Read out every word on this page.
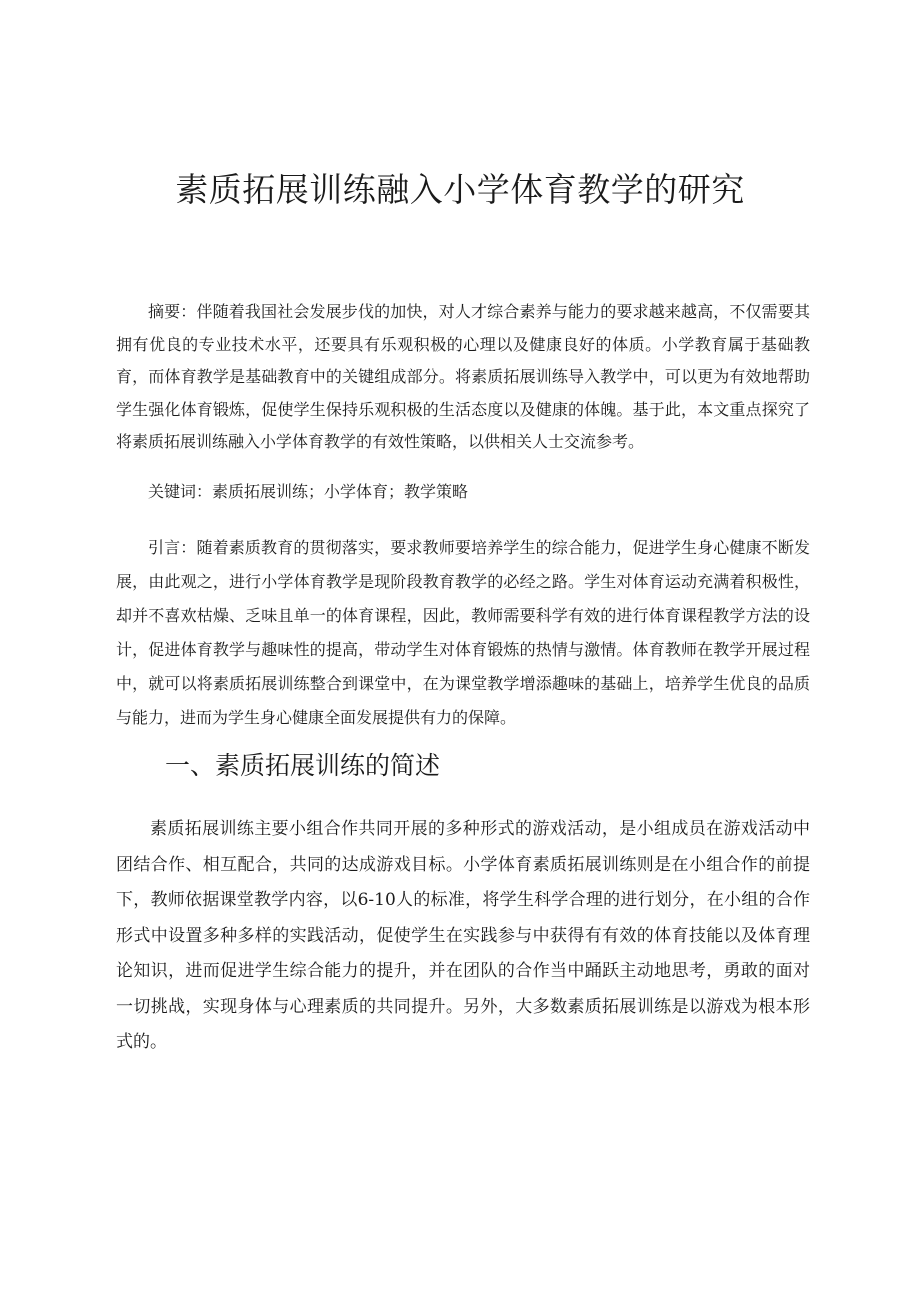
素质拓展训练融入小学体育教学的研究

摘要：伴随着我国社会发展步伐的加快，对人才综合素养与能力的要求越来越高，不仅需要其拥有优良的专业技术水平，还要具有乐观积极的心理以及健康良好的体质。小学教育属于基础教育，而体育教学是基础教育中的关键组成部分。将素质拓展训练导入教学中，可以更为有效地帮助学生强化体育锻炼，促使学生保持乐观积极的生活态度以及健康的体魄。基于此，本文重点探究了将素质拓展训练融入小学体育教学的有效性策略，以供相关人士交流参考。

关键词：素质拓展训练；小学体育；教学策略

引言：随着素质教育的贯彻落实，要求教师要培养学生的综合能力，促进学生身心健康不断发展，由此观之，进行小学体育教学是现阶段教育教学的必经之路。学生对体育运动充满着积极性，却并不喜欢枯燥、乏味且单一的体育课程，因此，教师需要科学有效的进行体育课程教学方法的设计，促进体育教学与趣味性的提高，带动学生对体育锻炼的热情与激情。体育教师在教学开展过程中，就可以将素质拓展训练整合到课堂中，在为课堂教学增添趣味的基础上，培养学生优良的品质与能力，进而为学生身心健康全面发展提供有力的保障。

一、素质拓展训练的简述

素质拓展训练主要小组合作共同开展的多种形式的游戏活动，是小组成员在游戏活动中团结合作、相互配合，共同的达成游戏目标。小学体育素质拓展训练则是在小组合作的前提下，教师依据课堂教学内容，以6-10人的标准，将学生科学合理的进行划分，在小组的合作形式中设置多种多样的实践活动，促使学生在实践参与中获得有有效的体育技能以及体育理论知识，进而促进学生综合能力的提升，并在团队的合作当中踊跃主动地思考，勇敢的面对一切挑战，实现身体与心理素质的共同提升。另外，大多数素质拓展训练是以游戏为根本形式的。
